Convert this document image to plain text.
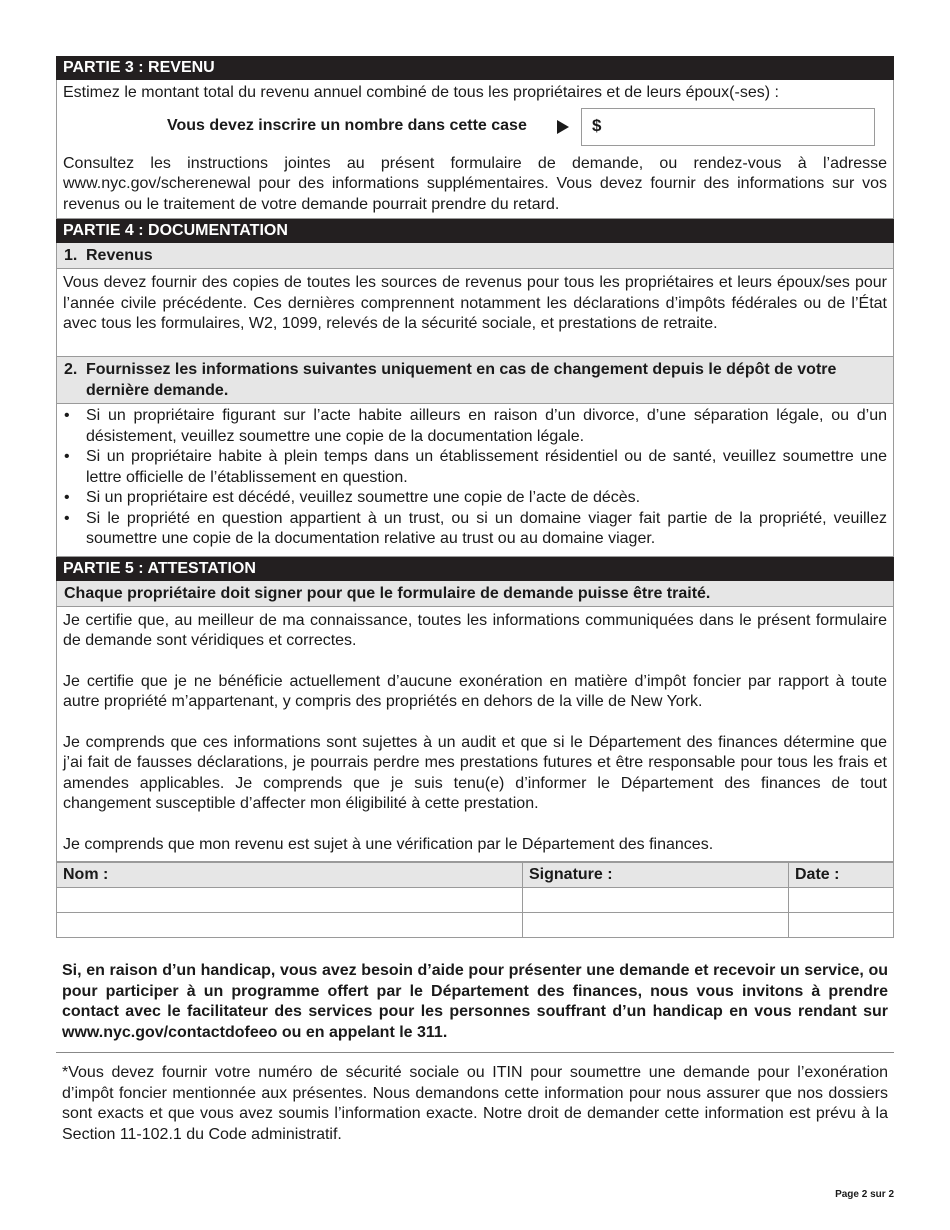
PARTIE 3 : REVENU

Estimez le montant total du revenu annuel combiné de tous les propriétaires et de leurs époux(-ses) :

Vous devez inscrire un nombre dans cette case	$

Consultez les instructions jointes au présent formulaire de demande, ou rendez-vous à l’adresse www.nyc.gov/scherenewal pour des informations supplémentaires. Vous devez fournir des informations sur vos revenus ou le traitement de votre demande pourrait prendre du retard.

PARTIE 4 : DOCUMENTATION
1. Revenus

Vous devez fournir des copies de toutes les sources de revenus pour tous les propriétaires et leurs époux/ses pour l’année civile précédente. Ces dernières comprennent notamment les déclarations d’impôts fédérales ou de l’État avec tous les formulaires, W2, 1099, relevés de la sécurité sociale, et prestations de retraite.

2. Fournissez les informations suivantes uniquement en cas de changement depuis le dépôt de votre dernière demande.
•	Si un propriétaire figurant sur l’acte habite ailleurs en raison d’un divorce, d’une séparation légale, ou d’un désistement, veuillez soumettre une copie de la documentation légale.
•	Si un propriétaire habite à plein temps dans un établissement résidentiel ou de santé, veuillez soumettre une lettre officielle de l’établissement en question.
•	Si un propriétaire est décédé, veuillez soumettre une copie de l’acte de décès.
•	Si le propriété en question appartient à un trust, ou si un domaine viager fait partie de la propriété, veuillez soumettre une copie de la documentation relative au trust ou au domaine viager.
PARTIE 5 : ATTESTATION
Chaque propriétaire doit signer pour que le formulaire de demande puisse être traité.

Je certifie que, au meilleur de ma connaissance, toutes les informations communiquées dans le présent formulaire de demande sont véridiques et correctes.

Je certifie que je ne bénéficie actuellement d’aucune exonération en matière d’impôt foncier par rapport à toute autre propriété m’appartenant, y compris des propriétés en dehors de la ville de New York.

Je comprends que ces informations sont sujettes à un audit et que si le Département des finances détermine que j’ai fait de fausses déclarations, je pourrais perdre mes prestations futures et être responsable pour tous les frais et amendes applicables. Je comprends que je suis tenu(e) d’informer le Département des finances de tout changement susceptible d’affecter mon éligibilité à cette prestation.

Je comprends que mon revenu est sujet à une vérification par le Département des finances.

Nom :	Signature :	Date :

Si, en raison d’un handicap, vous avez besoin d’aide pour présenter une demande et recevoir un service, ou pour participer à un programme offert par le Département des finances, nous vous invitons à prendre contact avec le facilitateur des services pour les personnes souffrant d’un handicap en vous rendant sur www.nyc.gov/contactdofeeo ou en appelant le 311.
*Vous devez fournir votre numéro de sécurité sociale ou ITIN pour soumettre une demande pour l’exonération d’impôt foncier mentionnée aux présentes. Nous demandons cette information pour nous assurer que nos dossiers sont exacts et que vous avez soumis l’information exacte. Notre droit de demander cette information est prévu à la Section 11-102.1 du Code administratif.
Page 2 sur 2
